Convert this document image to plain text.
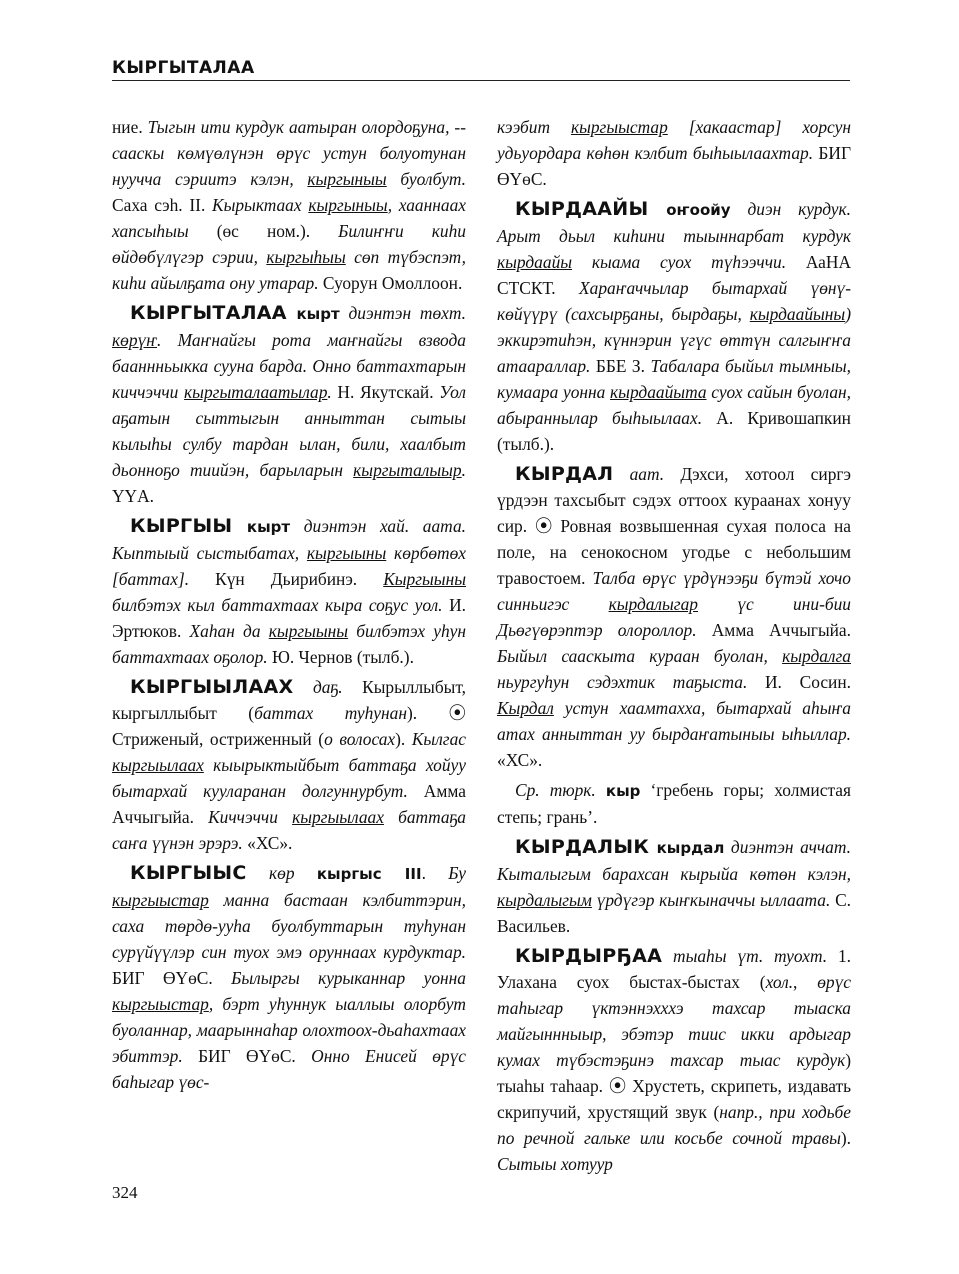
КЫРГЫТАЛАА

ние. Тыгын ити курдук аатыран олордоҕуна, -- сааскы көмүөлүнэн өрүс устун болуотунан нуучча сэриитэ кэлэн, кыргыныы буолбут. Саха сэһ. II. Кырыктаах кыргыныы, хааннаах хапсыһыы (өс ном.). Билиҥҥи киһи өйдөбүлүгэр сэрии, кыргыһыы сөп түбэспэт, киһи айылҕата ону утарар. Суорун Омоллоон.

КЫРГЫТАЛАА кырт диэнтэн төхт. көрүҥ. Маҥнайгы рота маҥнайгы взвода бааннньыкка сууна барда. Онно баттахтарын киччэччи кыргыталаатылар. Н. Якутскай. Уол аҕатын сыттыгын анныттан сытыы кылыһы сулбу тардан ылан, били, хаалбыт дьонноҕо тиийэн, барыларын кыргыталыыр. ҮҮА.

КЫРГЫЫ кырт диэнтэн хай. аата. Кыптыый сыстыбатах, кыргыыны көрбөтөх [баттах]. Күн Дьирибинэ. Кыргыыны билбэтэх кыл баттахтаах кыра соҕус уол. И. Эртюков. Хаһан да кыргыыны билбэтэх уһун баттахтаах оҕолор. Ю. Чернов (тылб.).

КЫРГЫЫЛААХ даҕ. Кырыллыбыт, кыргыллыбыт (баттах туһунан). ⦿ Стриженый, остриженный (о волосах). Кылгас кыргыылаах кыырыктыйбыт баттаҕа хойуу бытархай кууларанан долгуннурбут. Амма Аччыгыйа. Киччэччи кыргыылаах баттаҕа саҥа үүнэн эрэрэ. «ХС».

КЫРГЫЫС көр кыргыс III. Бу кыргыыстар манна бастаан кэлбиттэрин, саха төрдө-ууһа буолбуттарын туһунан сурүйүүлэр син туох эмэ оруннаах курдуктар. БИГ ӨҮөС. Былыргы курыканнар уонна кыргыыстар, бэрт уһуннук ыаллыы олорбут буоланнар, маарыннаһар олохтоох-дьаһахтаах эбиттэр. БИГ ӨҮөС. Онно Енисей өрүс баһыгар үөс-

кээбит кыргыыстар [хакаастар] хорсун удьуордара көһөн кэлбит быһыылаахтар. БИГ ӨҮөС.

КЫРДААЙЫ оҥоойу диэн курдук. Арыт дьыл киһини тыыннарбат курдук кырдаайы кыама суох түһээччи. АаНА СТСКТ. Хараҥаччылар бытархай үөнү-көйүүрү (сахсырҕаны, бырдаҕы, кырдаайыны) эккирэтиһэн, күннэрин үгүс өттүн салгыҥҥа атаараллар. ББЕ З. Табалара быйыл тымныы, кумаара уонна кырдаайыта суох сайын буолан, абыраннылар быһыылаах. А. Кривошапкин (тылб.).

КЫРДАЛ аат. Дэхси, хотоол сиргэ үрдээн тахсыбыт сэдэх оттоох кураанах хонуу сир. ⦿ Ровная возвышенная сухая полоса на поле, на сенокосном угодье с небольшим травостоем. Талба өрүс үрдүнээҕи бүтэй хочо синньигэс кырдалыгар үс ини-бии Дьөгүөрэптэр олороллор. Амма Аччыгыйа. Быйыл сааскыта кураан буолан, кырдалга ньургуһун сэдэхтик таҕыста. И. Сосин. Кырдал устун хаамтахха, бытархай аһыҥа атах анныттан уу бырдаҥатыныы ыһыллар. «ХС».

Ср. тюрк. кыр ‘гребень горы; холмистая степь; грань’.

КЫРДАЛЫК кырдал диэнтэн аччат. Кыталыгым барахсан кырыйа көтөн кэлэн, кырдалыгым үрдүгэр кыҥкыначчы ыллаата. С. Васильев.

КЫРДЫРҔАА тыаһы үт. туохт. 1. Улахана суох быстах-быстах (хол., өрүс таһыгар үктэннэхххэ тахсар тыаска майгыннныыр, эбэтэр тиис икки ардыгар кумах түбэстэҕинэ тахсар тыас курдук) тыаһы таһаар. ⦿ Хрустеть, скрипеть, издавать скрипучий, хрустящий звук (напр., при ходьбе по речной гальке или косьбе сочной травы). Сытыы хотуур

324
